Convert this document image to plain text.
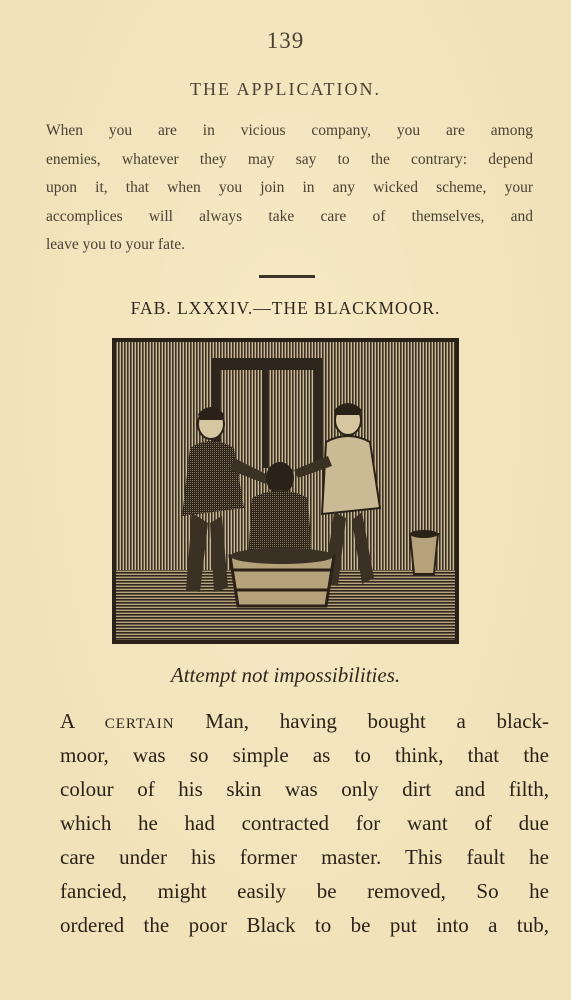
139
THE APPLICATION.
When you are in vicious company, you are among
enemies, whatever they may say to the contrary: depend
upon it, that when you join in any wicked scheme, your
accomplices will always take care of themselves, and
leave you to your fate.
FAB. LXXXIV.—THE BLACKMOOR.
Attempt not impossibilities.
A certain Man, having bought a black-
moor, was so simple as to think, that the
colour of his skin was only dirt and filth,
which he had contracted for want of due
care under his former master. This fault he
fancied, might easily be removed, So he
ordered the poor Black to be put into a tub,
